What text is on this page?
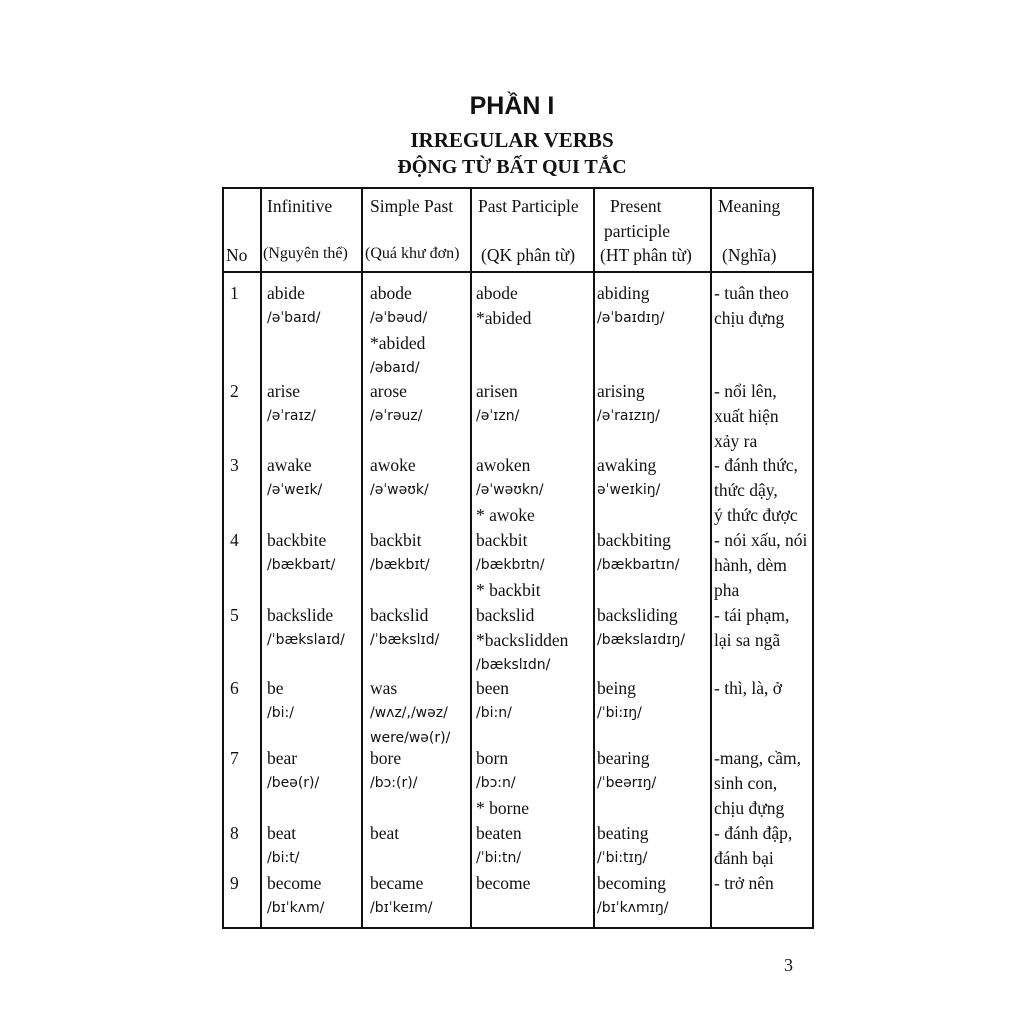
PHẦN I
IRREGULAR VERBS
ĐỘNG TỪ BẤT QUI TẮC
No
Infinitive
(Nguyên thể)
Simple Past
(Quá khư đơn)
Past Participle
(QK phân từ)
Present
participle
(HT phân từ)
Meaning
(Nghĩa)
1 abide
/əˈbaɪd/
abode
/əˈbəud/
*abided
/əbaɪd/
abode
*abided
abiding
/əˈbaɪdɪŋ/
- tuân theo
chịu đựng
2 arise
/əˈraɪz/
arose
/əˈrəuz/
arisen
/əˈɪzn/
arising
/əˈraɪzɪŋ/
- nổi lên,
xuất hiện
xảy ra
3 awake
/əˈweɪk/
awoke
/əˈwəʊk/
awoken
/əˈwəʊkn/
* awoke
awaking
əˈweɪkiŋ/
- đánh thức,
thức dậy,
ý thức được
4 backbite
/bækbaɪt/
backbit
/bækbɪt/
backbit
/bækbɪtn/
* backbit
backbiting
/bækbaɪtɪn/
- nói xấu, nói
hành, dèm
pha
5 backslide
/ˈbækslaɪd/
backslid
/ˈbækslɪd/
backslid
*backslidden
/bækslɪdn/
backsliding
/bækslaɪdɪŋ/
- tái phạm,
lại sa ngã
6 be
/bi:/
was
/wʌz/,/wəz/
were/wə(r)/
been
/bi:n/
being
/ˈbi:ɪŋ/
- thì, là, ở
7 bear
/beə(r)/
bore
/bɔ:(r)/
born
/bɔ:n/
* borne
bearing
/ˈbeərɪŋ/
-mang, cầm,
sinh con,
chịu đựng
8 beat
/bi:t/
beat	beaten
/ˈbi:tn/
beating
/ˈbi:tɪŋ/
- đánh đập,
đánh bại
9 become
/bɪˈkʌm/
became
/bɪˈkeɪm/
become	becoming
/bɪˈkʌmɪŋ/
- trở nên
3
